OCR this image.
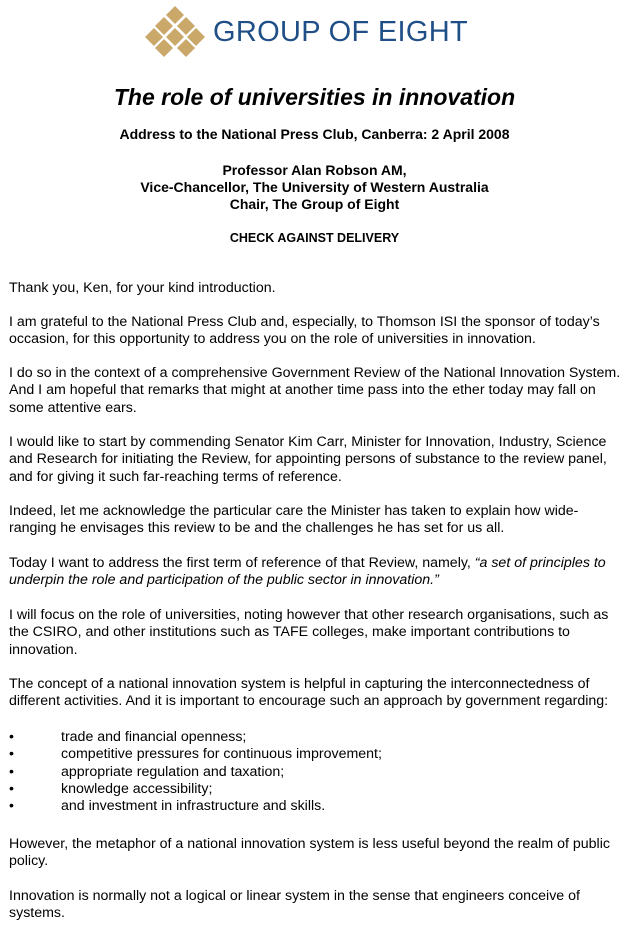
GROUP OF EIGHT
The role of universities in innovation

Address to the National Press Club, Canberra: 2 April 2008

Professor Alan Robson AM,

Vice-Chancellor, The University of Western Australia

Chair, The Group of Eight

CHECK AGAINST DELIVERY

Thank you, Ken, for your kind introduction.

I am grateful to the National Press Club and, especially, to Thomson ISI the sponsor of today’s occasion, for this opportunity to address you on the role of universities in innovation.

I do so in the context of a comprehensive Government Review of the National Innovation System. And I am hopeful that remarks that might at another time pass into the ether today may fall on some attentive ears.

I would like to start by commending Senator Kim Carr, Minister for Innovation, Industry, Science and Research for initiating the Review, for appointing persons of substance to the review panel, and for giving it such far-reaching terms of reference.

Indeed, let me acknowledge the particular care the Minister has taken to explain how wide-ranging he envisages this review to be and the challenges he has set for us all.

Today I want to address the first term of reference of that Review, namely, “a set of principles to underpin the role and participation of the public sector in innovation.”

I will focus on the role of universities, noting however that other research organisations, such as the CSIRO, and other institutions such as TAFE colleges, make important contributions to innovation.

The concept of a national innovation system is helpful in capturing the interconnectedness of different activities. And it is important to encourage such an approach by government regarding:

•	trade and financial openness;
•	competitive pressures for continuous improvement;
•	appropriate regulation and taxation;
•	knowledge accessibility;
•	and investment in infrastructure and skills.

However, the metaphor of a national innovation system is less useful beyond the realm of public policy.

Innovation is normally not a logical or linear system in the sense that engineers conceive of systems.
